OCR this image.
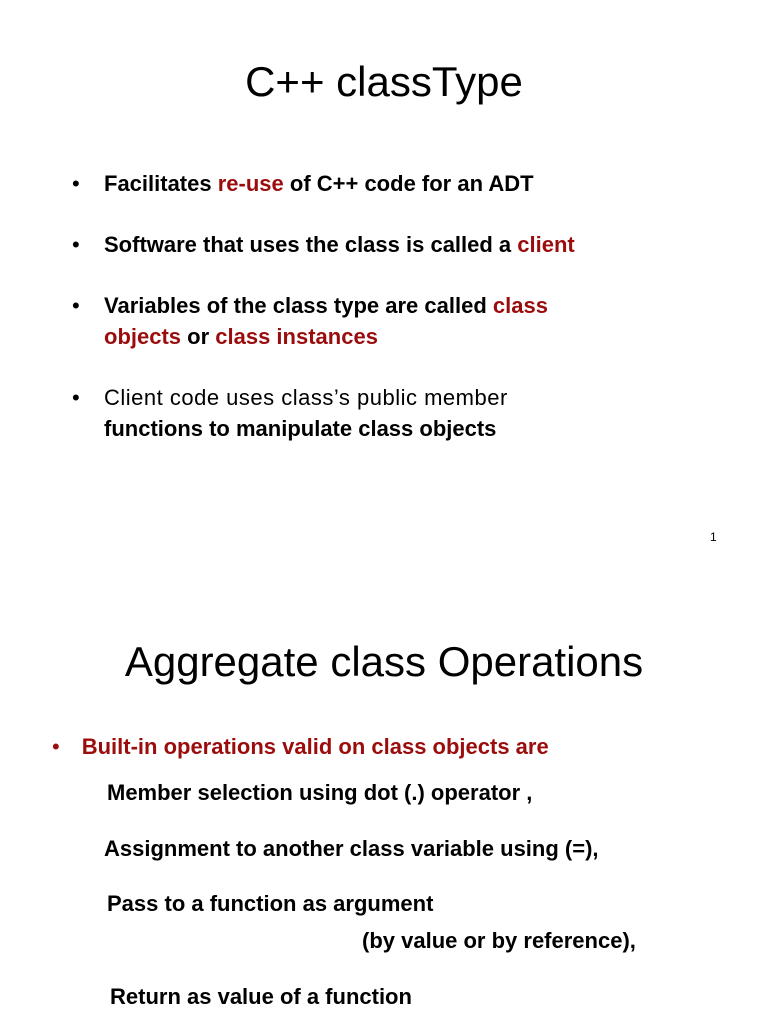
C++ classType
• Facilitates re-use of C++ code for an ADT
• Software that uses the class is called a client
• Variables of the class type are called class
objects or class instances
• Client code uses class’s public member
functions to manipulate class objects
1
Aggregate class Operations
• Built-in operations valid on class objects are
Member selection using dot (.) operator ,
Assignment to another class variable using (=),
Pass to a function as argument
(by value or by reference),
Return as value of a function
